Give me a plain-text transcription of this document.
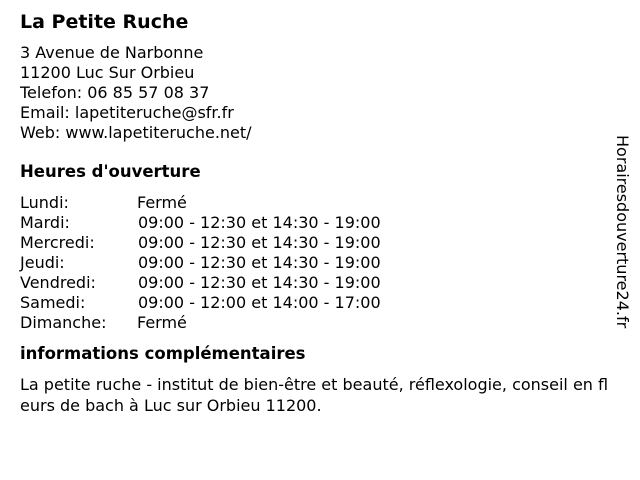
La Petite Ruche
3 Avenue de Narbonne
11200 Luc Sur Orbieu
Telefon: 06 85 57 08 37
Email: lapetiteruche@sfr.fr
Web: www.lapetiteruche.net/
Heures d'ouverture
Lundi:	Fermé
Mardi:	09:00 - 12:30 et 14:30 - 19:00
Mercredi:	09:00 - 12:30 et 14:30 - 19:00
Jeudi:	09:00 - 12:30 et 14:30 - 19:00
Vendredi:	09:00 - 12:30 et 14:30 - 19:00
Samedi:	09:00 - 12:00 et 14:00 - 17:00
Dimanche: Fermé
informations complémentaires
La petite ruche - institut de bien-être et beauté, réflexologie, conseil en fleurs de bach à Luc sur Orbieu 11200.
Horairesdouverture24.fr
